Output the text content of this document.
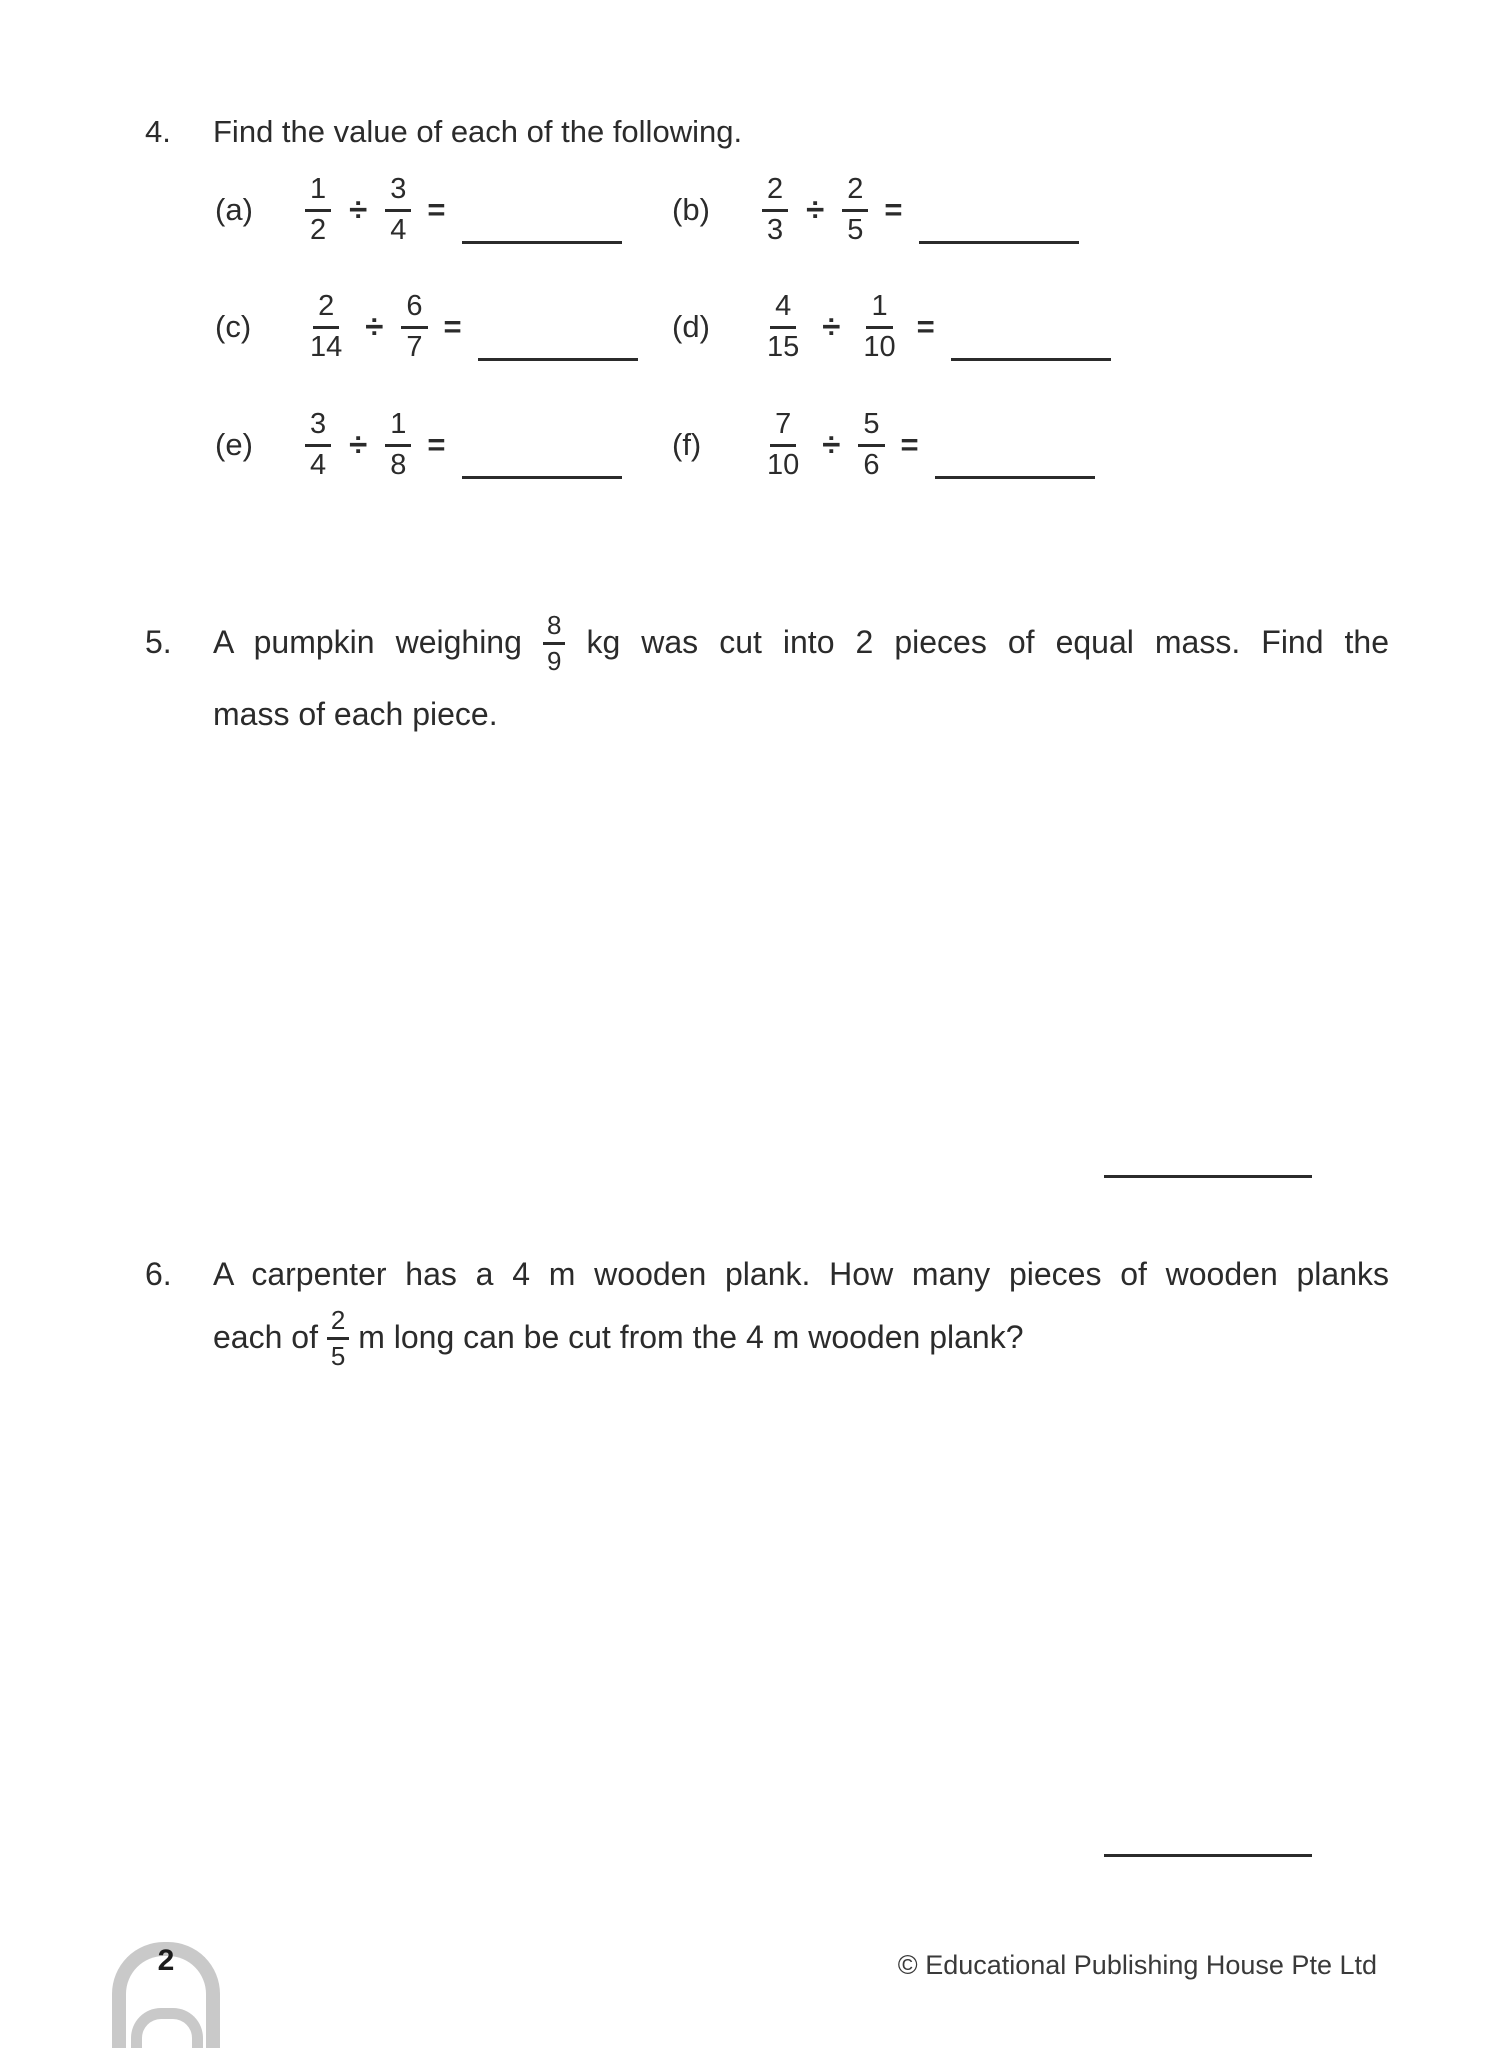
4. Find the value of each of the following.
(a)	$\frac{1}{2} \div \frac{3}{4}$ =	(b)	$\frac{2}{3} \div \frac{2}{5}$ =
(c)	$\frac{2}{14} \div \frac{6}{7}$ =	(d)	$\frac{4}{15} \div \frac{1}{10}$ =
(e)	$\frac{3}{4} \div \frac{1}{8}$ =	(f)	$\frac{7}{10} \div \frac{5}{6}$ =
5. A pumpkin weighing $\frac{8}{9}$ kg was cut into 2 pieces of equal mass. Find the
mass of each piece.
6. A carpenter has a 4 m wooden plank. How many pieces of wooden planks
each of $\frac{2}{5}$ m long can be cut from the 4 m wooden plank?
2	© Educational Publishing House Pte Ltd
